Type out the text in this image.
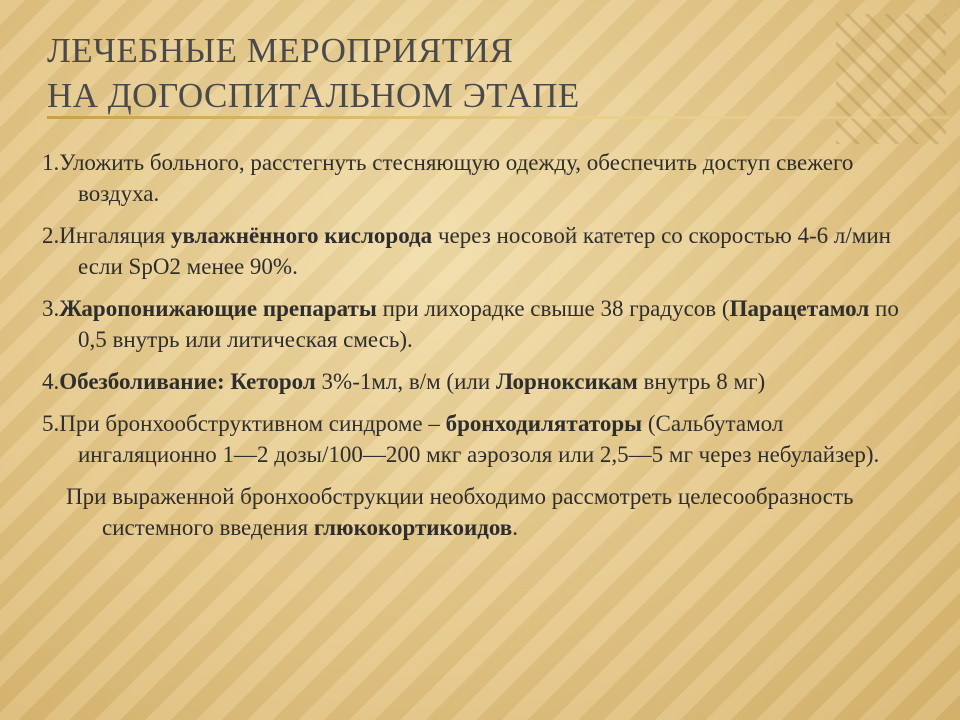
ЛЕЧЕБНЫЕ МЕРОПРИЯТИЯ
НА ДОГОСПИТАЛЬНОМ ЭТАПЕ
1.Уложить больного, расстегнуть стесняющую одежду, обеспечить доступ свежего воздуха.
2.Ингаляция увлажнённого кислорода через носовой катетер со скоростью 4-6 л/мин если SpO2 менее 90%.
3.Жаропонижающие препараты при лихорадке свыше 38 градусов (Парацетамол по 0,5 внутрь или литическая смесь).
4.Обезболивание: Кеторол 3%-1мл, в/м (или Лорноксикам внутрь 8 мг)
5.При бронхообструктивном синдроме – бронходилятаторы (Сальбутамол ингаляционно 1—2 дозы/100—200 мкг аэрозоля или 2,5—5 мг через небулайзер).
При выраженной бронхообструкции необходимо рассмотреть целесообразность системного введения глюкокортикоидов.
